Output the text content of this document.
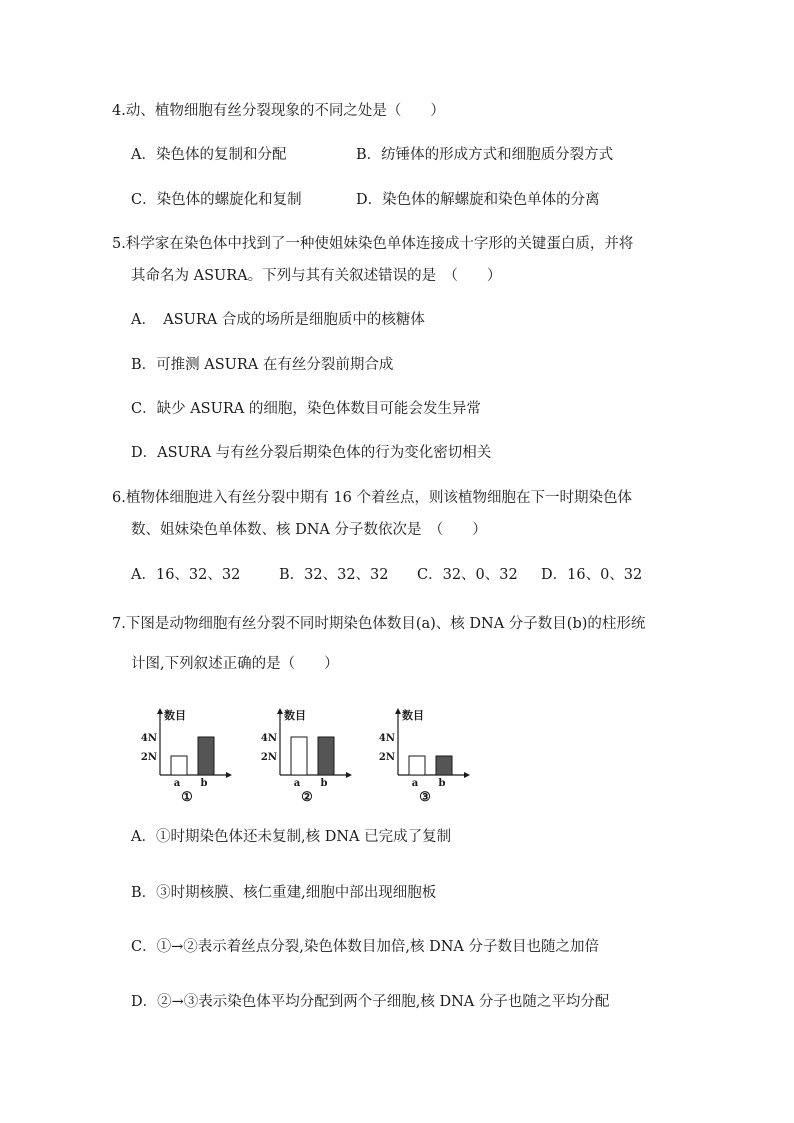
4.动、植物细胞有丝分裂现象的不同之处是（　　）
A．染色体的复制和分配	B．纺锤体的形成方式和细胞质分裂方式
C．染色体的螺旋化和复制	D．染色体的解螺旋和染色单体的分离
5.科学家在染色体中找到了一种使姐妹染色单体连接成十字形的关键蛋白质，并将
其命名为 ASURA。下列与其有关叙述错误的是　（　　）
A．　ASURA 合成的场所是细胞质中的核糖体
B．可推测 ASURA 在有丝分裂前期合成
C．缺少 ASURA 的细胞，染色体数目可能会发生异常
D．ASURA 与有丝分裂后期染色体的行为变化密切相关
6.植物体细胞进入有丝分裂中期有 16 个着丝点，则该植物细胞在下一时期染色体
数、姐妹染色单体数、核 DNA 分子数依次是　（　　）
A．16、32、32	B．32、32、32 C．32、0、32 D．16、0、32
7.下图是动物细胞有丝分裂不同时期染色体数目(a)、核 DNA 分子数目(b)的柱形统
计图,下列叙述正确的是（　　）
数目
2N
4N
a b
①
数目
2N
4N
a b
②
数目
2N
4N
a b
③
A．①时期染色体还未复制,核 DNA 已完成了复制
B．③时期核膜、核仁重建,细胞中部出现细胞板
C．①→②表示着丝点分裂,染色体数目加倍,核 DNA 分子数目也随之加倍
D．②→③表示染色体平均分配到两个子细胞,核 DNA 分子也随之平均分配
